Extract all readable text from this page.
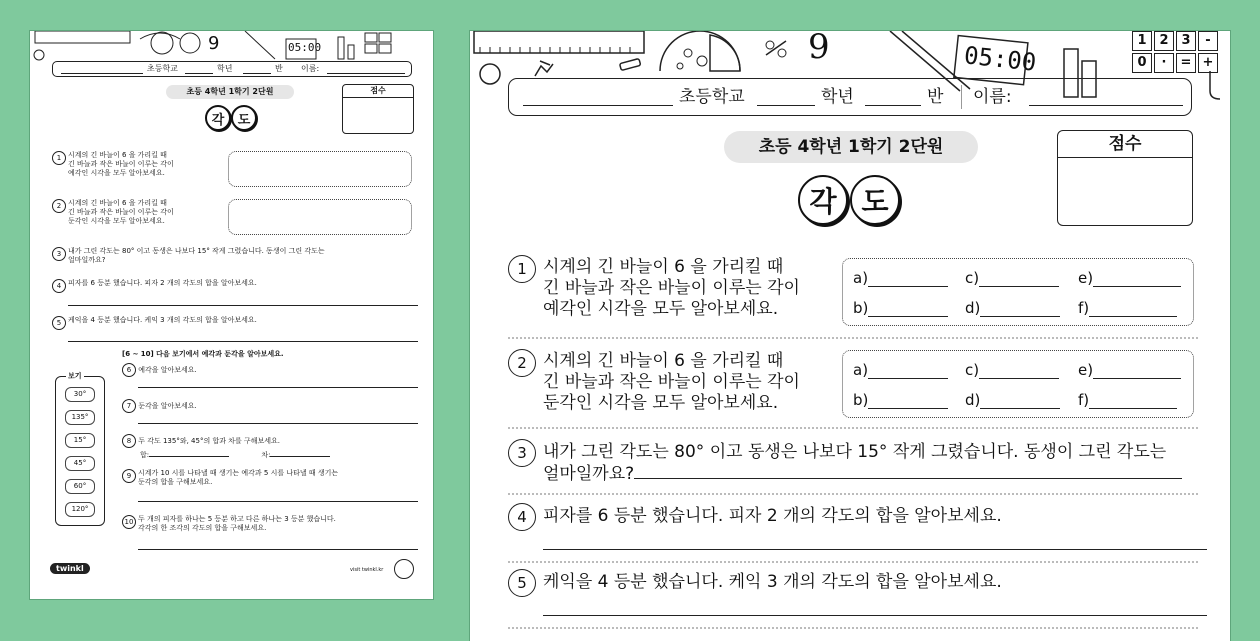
9	05:00
초등학교	학년	반 이름:
초등 4학년 1학기 2단원
각 도
점수
1 시계의 긴 바늘이 6 을 가리킬 때
긴 바늘과 작은 바늘이 이루는 각이
예각인 시각을 모두 알아보세요.
2 시계의 긴 바늘이 6 을 가리킬 때
긴 바늘과 작은 바늘이 이루는 각이
둔각인 시각을 모두 알아보세요.
3 내가 그린 각도는 80° 이고 동생은 나보다 15° 작게 그렸습니다. 동생이 그린 각도는
얼마일까요?
4 피자를 6 등분 했습니다. 피자 2 개의 각도의 합을 알아보세요.
5 케익을 4 등분 했습니다. 케익 3 개의 각도의 합을 알아보세요.
[6 ~ 10] 다음 보기에서 예각과 둔각을 알아보세요.
보기
30°
135°
15°
45°
60°
120°
6 예각을 알아보세요.
7 둔각을 알아보세요.
8 두 각도 135°와, 45°의 합과 차를 구해보세요.
합:	차:
9 시계가 10 시를 나타낼 때 생기는 예각과 5 시를 나타낼 때 생기는
둔각의 합을 구해보세요.
10 두 개의 피자를 하나는 5 등분 하고 다른 하나는 3 등분 했습니다.
각각의 한 조각의 각도의 합을 구해보세요.
twinkl	visit twinkl.kr
9	05:00
1 2 3	-
0	·	= +
초등학교	학년	반 이름:
초등 4학년 1학기 2단원
각 도
점수
1 시계의 긴 바늘이 6 을 가리킬 때
긴 바늘과 작은 바늘이 이루는 각이
예각인 시각을 모두 알아보세요.
a)	c)	e)
b)	d)	f)
2 시계의 긴 바늘이 6 을 가리킬 때
긴 바늘과 작은 바늘이 이루는 각이
둔각인 시각을 모두 알아보세요.
a)	c)	e)
b)	d)	f)
3 내가 그린 각도는 80° 이고 동생은 나보다 15° 작게 그렸습니다. 동생이 그린 각도는
얼마일까요?
4 피자를 6 등분 했습니다. 피자 2 개의 각도의 합을 알아보세요.
5 케익을 4 등분 했습니다. 케익 3 개의 각도의 합을 알아보세요.
